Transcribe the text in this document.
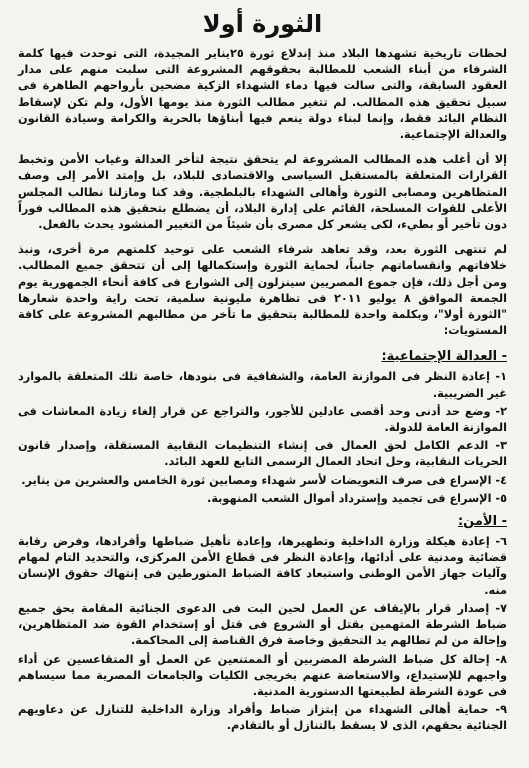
الثورة أولا

لحظات تاريخية تشهدها البلاد منذ إندلاع ثورة ٢٥يناير المجيدة، التى توحدت فيها كلمة الشرفاء من أبناء الشعب للمطالبة بحقوقهم المشروعة التى سلبت منهم على مدار العقود السابقة، والتى سالت فيها دماء الشهداء الزكية مضحين بأرواحهم الطاهرة فى سبيل تحقيق هذه المطالب. لم تتغير مطالب الثورة منذ يومها الأول، ولم تكن لإسقاط النظام البائد فقط، وإنما لبناء دولة ينعم فيها أبناؤها بالحرية والكرامة وسيادة القانون والعدالة الإجتماعية.

إلا أن أغلب هذه المطالب المشروعة لم يتحقق نتيجة لتأخر العدالة وغياب الأمن وتخبط القرارات المتعلقة بالمستقبل السياسى والاقتصادى للبلاد، بل وإمتد الأمر إلى وصف المتظاهرين ومصابى الثورة وأهالى الشهداء بالبلطجية. وقد كنا ومازلنا نطالب المجلس الأعلى للقوات المسلحة، القائم على إدارة البلاد، أن يضطلع بتحقيق هذه المطالب فوراً دون تأخير أو بطيء، لكى يشعر كل مصرى بأن شيئاً من التغيير المنشود يحدث بالفعل.

لم تنتهى الثورة بعد، وقد تعاهد شرفاء الشعب على توحيد كلمتهم مرة أخرى، ونبذ خلافاتهم وانقساماتهم جانباً، لحماية الثورة وإستكمالها إلى أن تتحقق جميع المطالب. ومن أجل ذلك، فإن جموع المصريين سينزلون إلى الشوارع فى كافة أنحاء الجمهورية يوم الجمعة الموافق ٨ يوليو ٢٠١١ فى تظاهرة مليونية سلمية، تحت راية واحدة شعارها "الثورة أولا"، وبكلمة واحدة للمطالبة بتحقيق ما تأخر من مطالبهم المشروعة على كافة المستويات:

- العدالة الإجتماعية:
١- إعادة النظر فى الموازنة العامة، والشفافية فى بنودها، خاصة تلك المتعلقة بالموارد غير الضريبية.
٢- وضع حد أدنى وحد أقصى عادلين للأجور، والتراجع عن قرار إلغاء زيادة المعاشات فى الموازنة العامة للدولة.
٣- الدعم الكامل لحق العمال فى إنشاء التنظيمات النقابية المستقلة، وإصدار قانون الحريات النقابية، وحل اتحاد العمال الرسمى التابع للعهد البائد.
٤- الإسراع فى صرف التعويضات لأسر شهداء ومصابين ثورة الخامس والعشرين من يناير.
٥- الإسراع فى تجميد وإسترداد أموال الشعب المنهوبة.
- الأمن:
٦- إعادة هيكلة وزارة الداخلية وتطهيرها، وإعادة تأهيل ضباطها وأفرادها، وفرض رقابة قضائية ومدنية على أدائها، وإعادة النظر فى قطاع الأمن المركزى، والتحديد التام لمهام وآليات جهاز الأمن الوطنى واستبعاد كافة الضباط المتورطين فى إنتهاك حقوق الإنسان منه.
٧- إصدار قرار بالإيقاف عن العمل لحين البت فى الدعوى الجنائية المقامة بحق جميع ضباط الشرطة المتهمين بقتل أو الشروع فى قتل أو إستخدام القوة ضد المتظاهرين، وإحالة من لم تطالهم يد التحقيق وخاصة فرق القناصة إلى المحاكمة.
٨- إحالة كل ضباط الشرطة المضربين أو الممتنعين عن العمل أو المتقاعسين عن أداء واجبهم للإستيداع، والاستعاضة عنهم بخريجى الكليات والجامعات المصرية مما سيساهم فى عودة الشرطة لطبيعتها الدستورية المدنية.
٩- حماية أهالى الشهداء من إبتزاز ضباط وأفراد وزارة الداخلية للتنازل عن دعاويهم الجنائية بحقهم، الذى لا يسقط بالتنازل أو بالتقادم.
